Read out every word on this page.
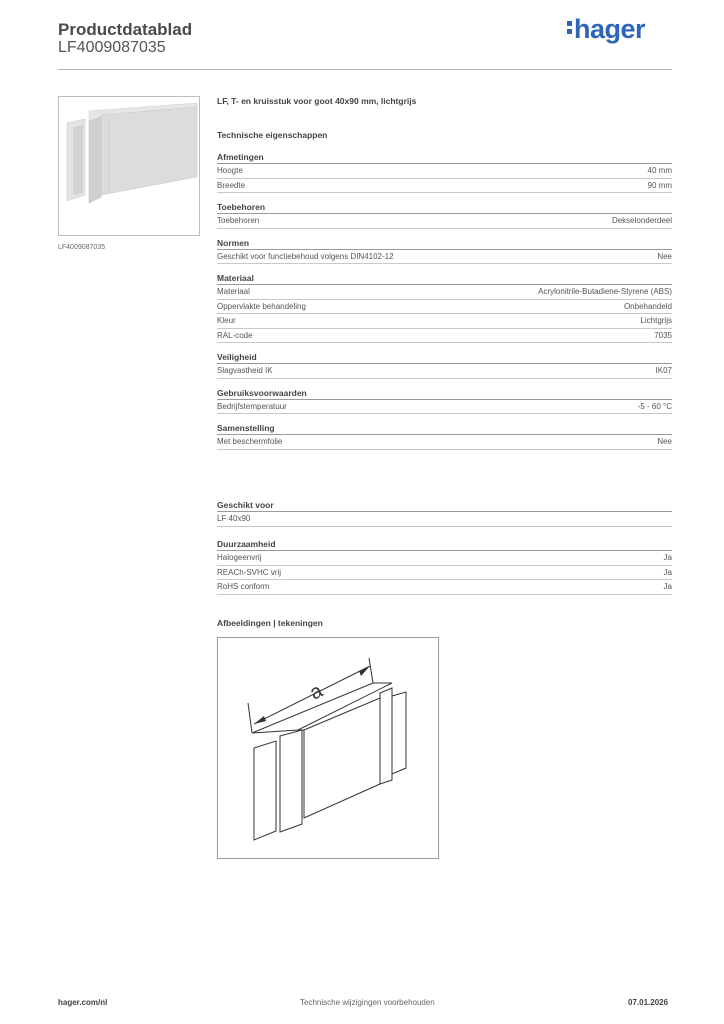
Productdatablad
LF4009087035
hager
LF4009087035
LF, T- en kruisstuk voor goot 40x90 mm, lichtgrijs
Technische eigenschappen
Afmetingen
Hoogte	40 mm
Breedte	90 mm
Toebehoren
Toebehoren	Dekselonderdeel
Normen
Geschikt voor functiebehoud volgens DIN4102-12	Nee
Materiaal
Materiaal	Acrylonitrile-Butadiene-Styrene (ABS)
Oppervlakte behandeling	Onbehandeld
Kleur	Lichtgrijs
RAL-code	7035
Veiligheid
Slagvastheid IK	IK07
Gebruiksvoorwaarden
Bedrijfstemperatuur	-5 - 60 °C
Samenstelling
Met beschermfolie	Nee
Geschikt voor
LF 40x90
Duurzaamheid
Halogeenvrij	Ja
REACh-SVHC vrij	Ja
RoHS conform	Ja
Afbeeldingen | tekeningen
a
hager.com/nl	Technische wijzigingen voorbehouden	07.01.2026
